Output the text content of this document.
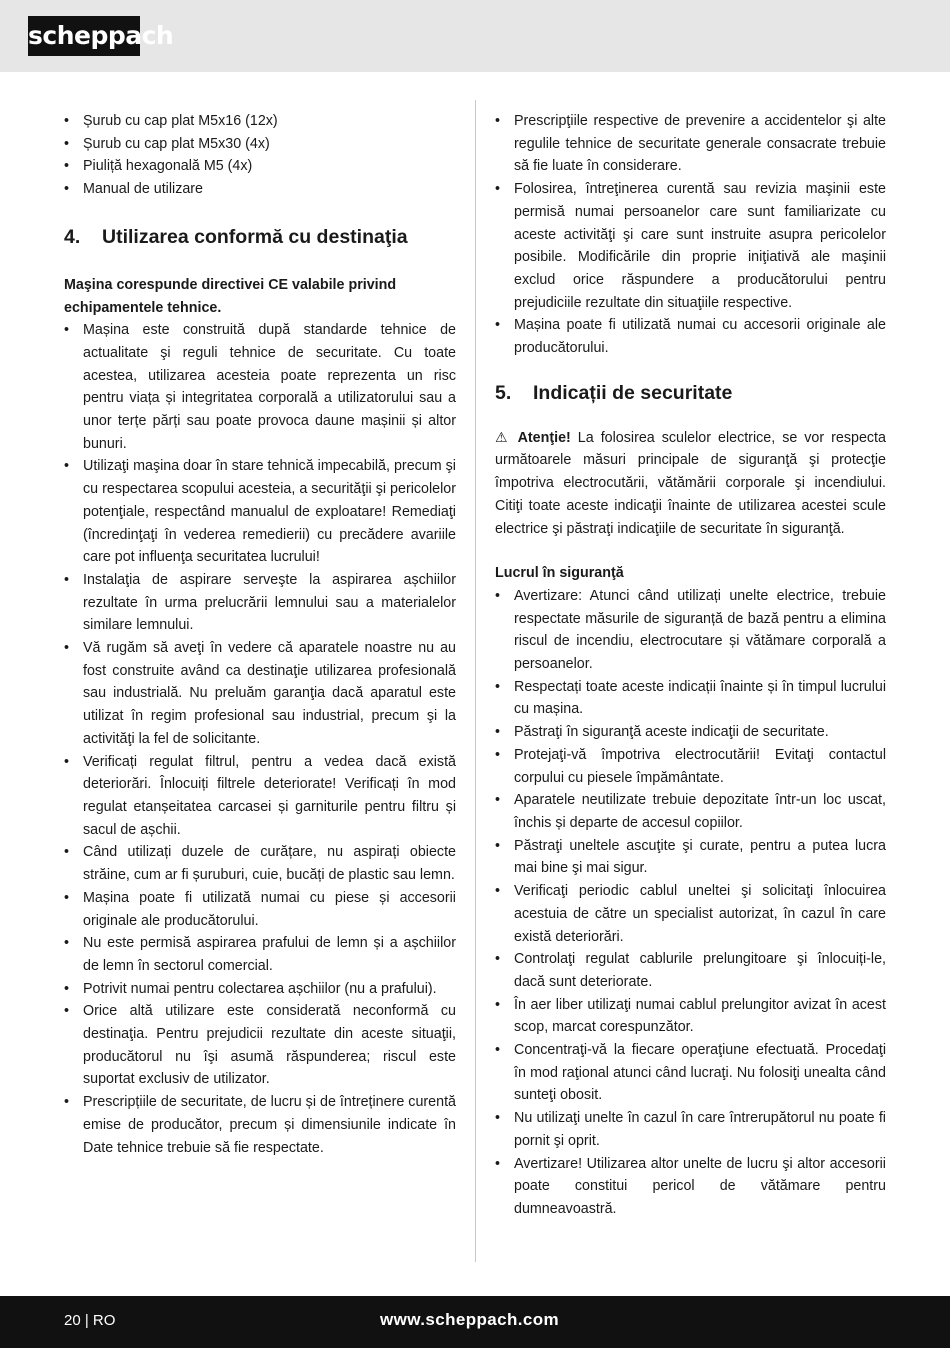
scheppach
• Șurub cu cap plat M5x16 (12x)
• Șurub cu cap plat M5x30 (4x)
• Piuliță hexagonală M5 (4x)
• Manual de utilizare
4.	Utilizarea conformă cu destinaţia

Maşina corespunde directivei CE valabile privind echipamentele tehnice.

• Mașina este construită după standarde tehnice de actualitate şi reguli tehnice de securitate. Cu toate acestea, utilizarea acesteia poate reprezenta un risc pentru viața și integritatea corporală a utilizatorului sau a unor terțe părți sau poate provoca daune mașinii și altor bunuri.
• Utilizaţi maşina doar în stare tehnică impecabilă, precum şi cu respectarea scopului acesteia, a securităţii şi pericolelor potenţiale, respectând manualul de exploatare! Remediaţi (încredinţaţi în vederea remedierii) cu precădere avariile care pot influenţa securitatea lucrului!
• Instalaţia de aspirare serveşte la aspirarea așchiilor rezultate în urma prelucrării lemnului sau a materialelor similare lemnului.
• Vă rugăm să aveţi în vedere că aparatele noastre nu au fost construite având ca destinaţie utilizarea profesională sau industrială. Nu preluăm garanţia dacă aparatul este utilizat în regim profesional sau industrial, precum şi la activităţi la fel de solicitante.
• Verificați regulat filtrul, pentru a vedea dacă există deteriorări. Înlocuiți filtrele deteriorate! Verificați în mod regulat etanșeitatea carcasei și garniturile pentru filtru și sacul de așchii.
• Când utilizați duzele de curățare, nu aspirați obiecte străine, cum ar fi șuruburi, cuie, bucăți de plastic sau lemn.
• Mașina poate fi utilizată numai cu piese și accesorii originale ale producătorului.
• Nu este permisă aspirarea prafului de lemn și a așchiilor de lemn în sectorul comercial.
• Potrivit numai pentru colectarea așchiilor (nu a prafului).
• Orice altă utilizare este considerată neconformă cu destinaţia. Pentru prejudicii rezultate din aceste situaţii, producătorul nu îşi asumă răspunderea; riscul este suportat exclusiv de utilizator.
• Prescripțiile de securitate, de lucru și de întreținere curentă emise de producător, precum și dimensiunile indicate în Date tehnice trebuie să fie respectate.
• Prescripţiile respective de prevenire a accidentelor şi alte regulile tehnice de securitate generale consacrate trebuie să fie luate în considerare.
• Folosirea, întreţinerea curentă sau revizia maşinii este permisă numai persoanelor care sunt familiarizate cu aceste activităţi şi care sunt instruite asupra pericolelor posibile. Modificările din proprie iniţiativă ale maşinii exclud orice răspundere a producătorului pentru prejudiciile rezultate din situaţiile respective.
• Mașina poate fi utilizată numai cu accesorii originale ale producătorului.
5.	Indicații de securitate

⚠ Atenţie! La folosirea sculelor electrice, se vor respecta următoarele măsuri principale de siguranţă şi protecţie împotriva electrocutării, vătămării corporale şi incendiului. Citiţi toate aceste indicaţii înainte de utilizarea acestei scule electrice şi păstraţi indicaţiile de securitate în siguranţă.

Lucrul în siguranţă
• Avertizare: Atunci când utilizați unelte electrice, trebuie respectate măsurile de siguranță de bază pentru a elimina riscul de incendiu, electrocutare și vătămare corporală a persoanelor.
• Respectați toate aceste indicații înainte și în timpul lucrului cu mașina.
• Păstraţi în siguranţă aceste indicaţii de securitate.
• Protejaţi-vă împotriva electrocutării! Evitaţi contactul corpului cu piesele împământate.
• Aparatele neutilizate trebuie depozitate într-un loc uscat, închis și departe de accesul copiilor.
• Păstraţi uneltele ascuţite şi curate, pentru a putea lucra mai bine şi mai sigur.
• Verificaţi periodic cablul uneltei şi solicitaţi înlocuirea acestuia de către un specialist autorizat, în cazul în care există deteriorări.
• Controlaţi regulat cablurile prelungitoare şi înlocuiți-le, dacă sunt deteriorate.
• În aer liber utilizaţi numai cablul prelungitor avizat în acest scop, marcat corespunzător.
• Concentraţi-vă la fiecare operaţiune efectuată. Procedaţi în mod raţional atunci când lucraţi. Nu folosiţi unealta când sunteţi obosit.
• Nu utilizaţi unelte în cazul în care întrerupătorul nu poate fi pornit şi oprit.
• Avertizare! Utilizarea altor unelte de lucru şi altor accesorii poate constitui pericol de vătămare pentru dumneavoastră.
20 | RO	www.scheppach.com
